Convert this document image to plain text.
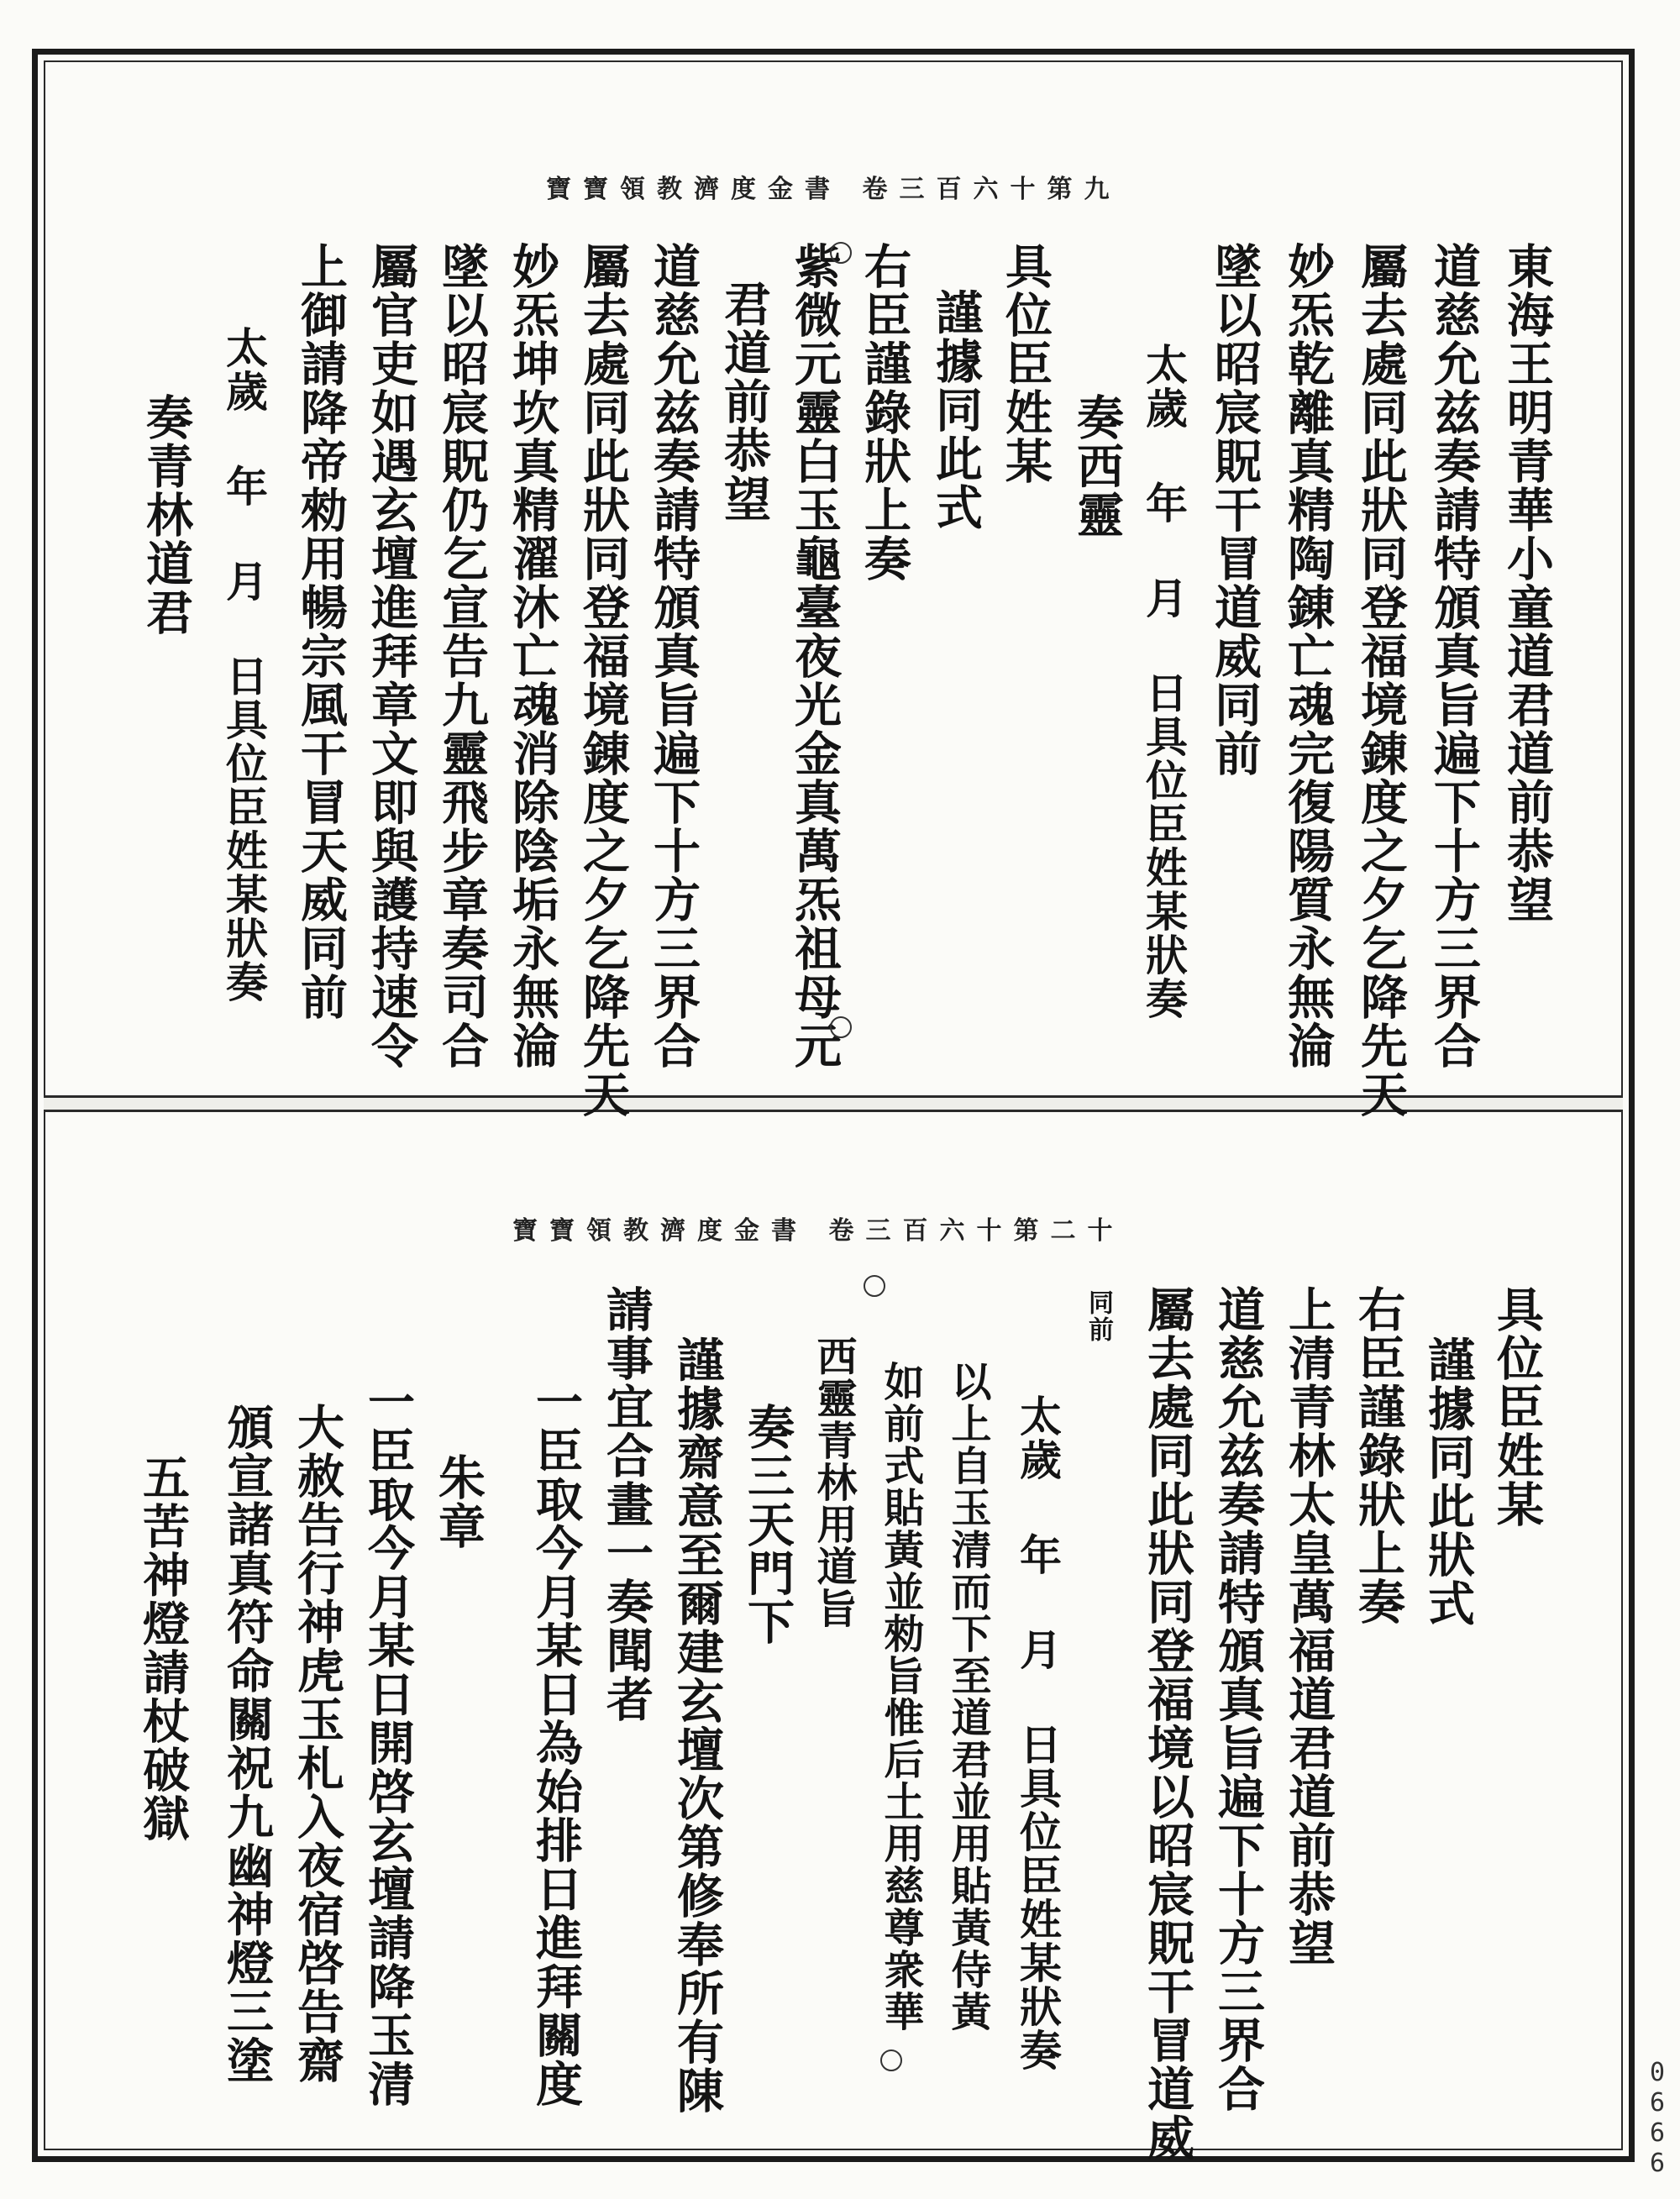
寶寶領教濟度金書 卷三百六十第九
東海王明青華小童道君道前恭望
道慈允兹奏請特頒真旨遍下十方三界合
屬去處同此狀同登福境錬度之夕乞降先天
妙炁乾離真精陶錬亡魂完復陽質永無淪
墜以昭宸貺干冒道威同前
太歲 年 月 日具位臣姓某狀奏
奏西靈
具位臣姓某
謹據同此式
右臣謹錄狀上奏
紫微元靈白玉龜臺夜光金真萬炁祖母元
君道前恭望
道慈允兹奏請特頒真旨遍下十方三界合
屬去處同此狀同登福境錬度之夕乞降先天
妙炁坤坎真精濯沐亡魂消除陰垢永無淪
墜以昭宸貺仍乞宣告九靈飛步章奏司合
屬官吏如遇玄壇進拜章文即與護持速令
上御請降帝勑用暢宗風干冒天威同前
太歲 年 月 日具位臣姓某狀奏
奏青林道君
寶寶領教濟度金書 卷三百六十第二十
具位臣姓某
謹據同此狀式
右臣謹錄狀上奏
上清青林太皇萬福道君道前恭望
道慈允兹奏請特頒真旨遍下十方三界合
屬去處同此狀同登福境以昭宸貺干冒道威
同前
太歲 年 月 日具位臣姓某狀奏
以上自玉清而下至道君並用貼黃侍黃
如前式貼黃並勑旨惟后土用慈尊衆華
西靈青林用道旨
奏三天門下
謹據齋意至爾建玄壇次第修奉所有陳
請事宜合畫一奏聞者
一臣取今月某日為始排日進拜關度
朱章
一臣取今月某日開啓玄壇請降玉清
大赦告行神虎玉札入夜宿啓告齋
頒宣諸真符命關祝九幽神燈三塗
五苦神燈請杖破獄
0666
